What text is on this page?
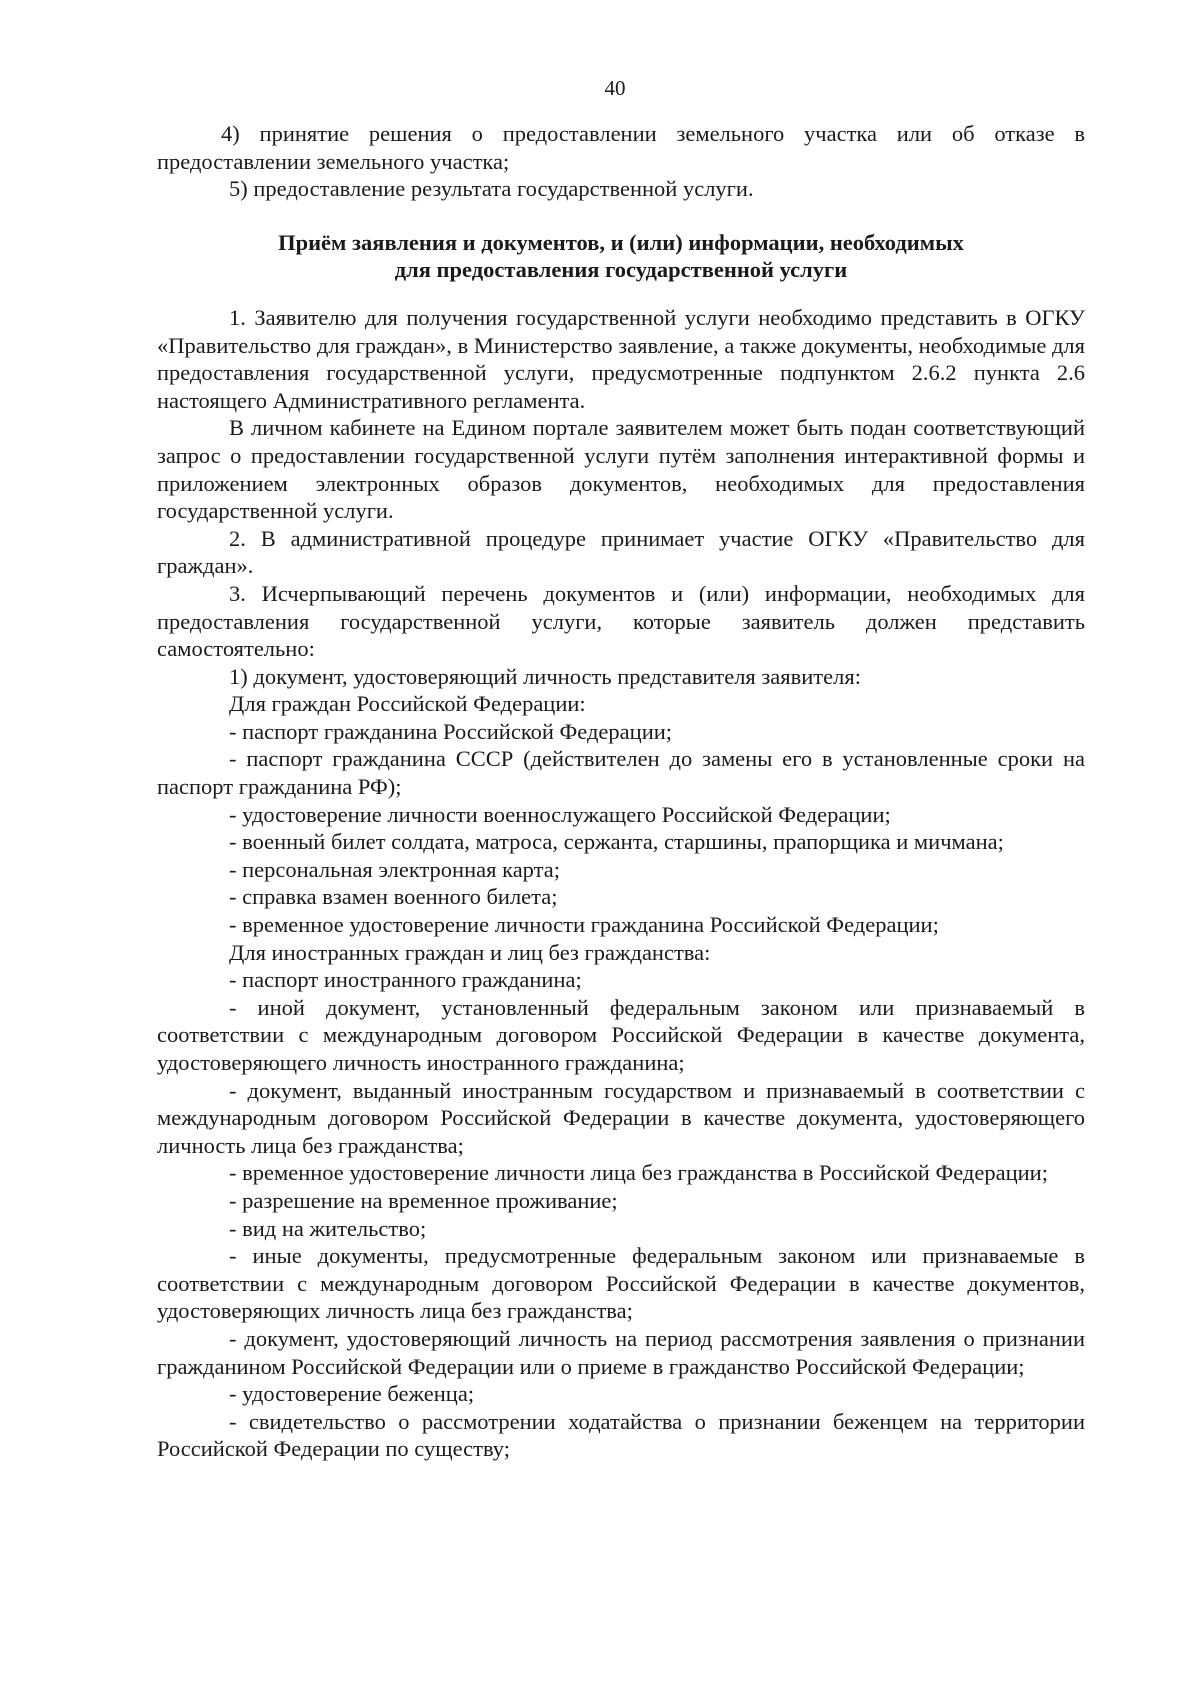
40

4) принятие решения о предоставлении земельного участка или об отказе в предоставлении земельного участка;

5) предоставление результата государственной услуги.

Приём заявления и документов, и (или) информации, необходимых
для предоставления государственной услуги

1. Заявителю для получения государственной услуги необходимо представить в ОГКУ «Правительство для граждан», в Министерство заявление, а также документы, необходимые для предоставления государственной услуги, предусмотренные подпунктом 2.6.2 пункта 2.6 настоящего Административного регламента.

В личном кабинете на Едином портале заявителем может быть подан соответствующий запрос о предоставлении государственной услуги путём заполнения интерактивной формы и приложением электронных образов документов, необходимых для предоставления государственной услуги.

2. В административной процедуре принимает участие ОГКУ «Правительство для граждан».

3. Исчерпывающий перечень документов и (или) информации, необходимых для предоставления государственной услуги, которые заявитель должен представить самостоятельно:

1) документ, удостоверяющий личность представителя заявителя:

Для граждан Российской Федерации:

- паспорт гражданина Российской Федерации;

- паспорт гражданина СССР (действителен до замены его в установленные сроки на паспорт гражданина РФ);

- удостоверение личности военнослужащего Российской Федерации;

- военный билет солдата, матроса, сержанта, старшины, прапорщика и мичмана;

- персональная электронная карта;

- справка взамен военного билета;

- временное удостоверение личности гражданина Российской Федерации;

Для иностранных граждан и лиц без гражданства:

- паспорт иностранного гражданина;

- иной документ, установленный федеральным законом или признаваемый в соответствии с международным договором Российской Федерации в качестве документа, удостоверяющего личность иностранного гражданина;

- документ, выданный иностранным государством и признаваемый в соответствии с международным договором Российской Федерации в качестве документа, удостоверяющего личность лица без гражданства;

- временное удостоверение личности лица без гражданства в Российской Федерации;

- разрешение на временное проживание;

- вид на жительство;

- иные документы, предусмотренные федеральным законом или признаваемые в соответствии с международным договором Российской Федерации в качестве документов, удостоверяющих личность лица без гражданства;

- документ, удостоверяющий личность на период рассмотрения заявления о признании гражданином Российской Федерации или о приеме в гражданство Российской Федерации;

- удостоверение беженца;

- свидетельство о рассмотрении ходатайства о признании беженцем на территории Российской Федерации по существу;
